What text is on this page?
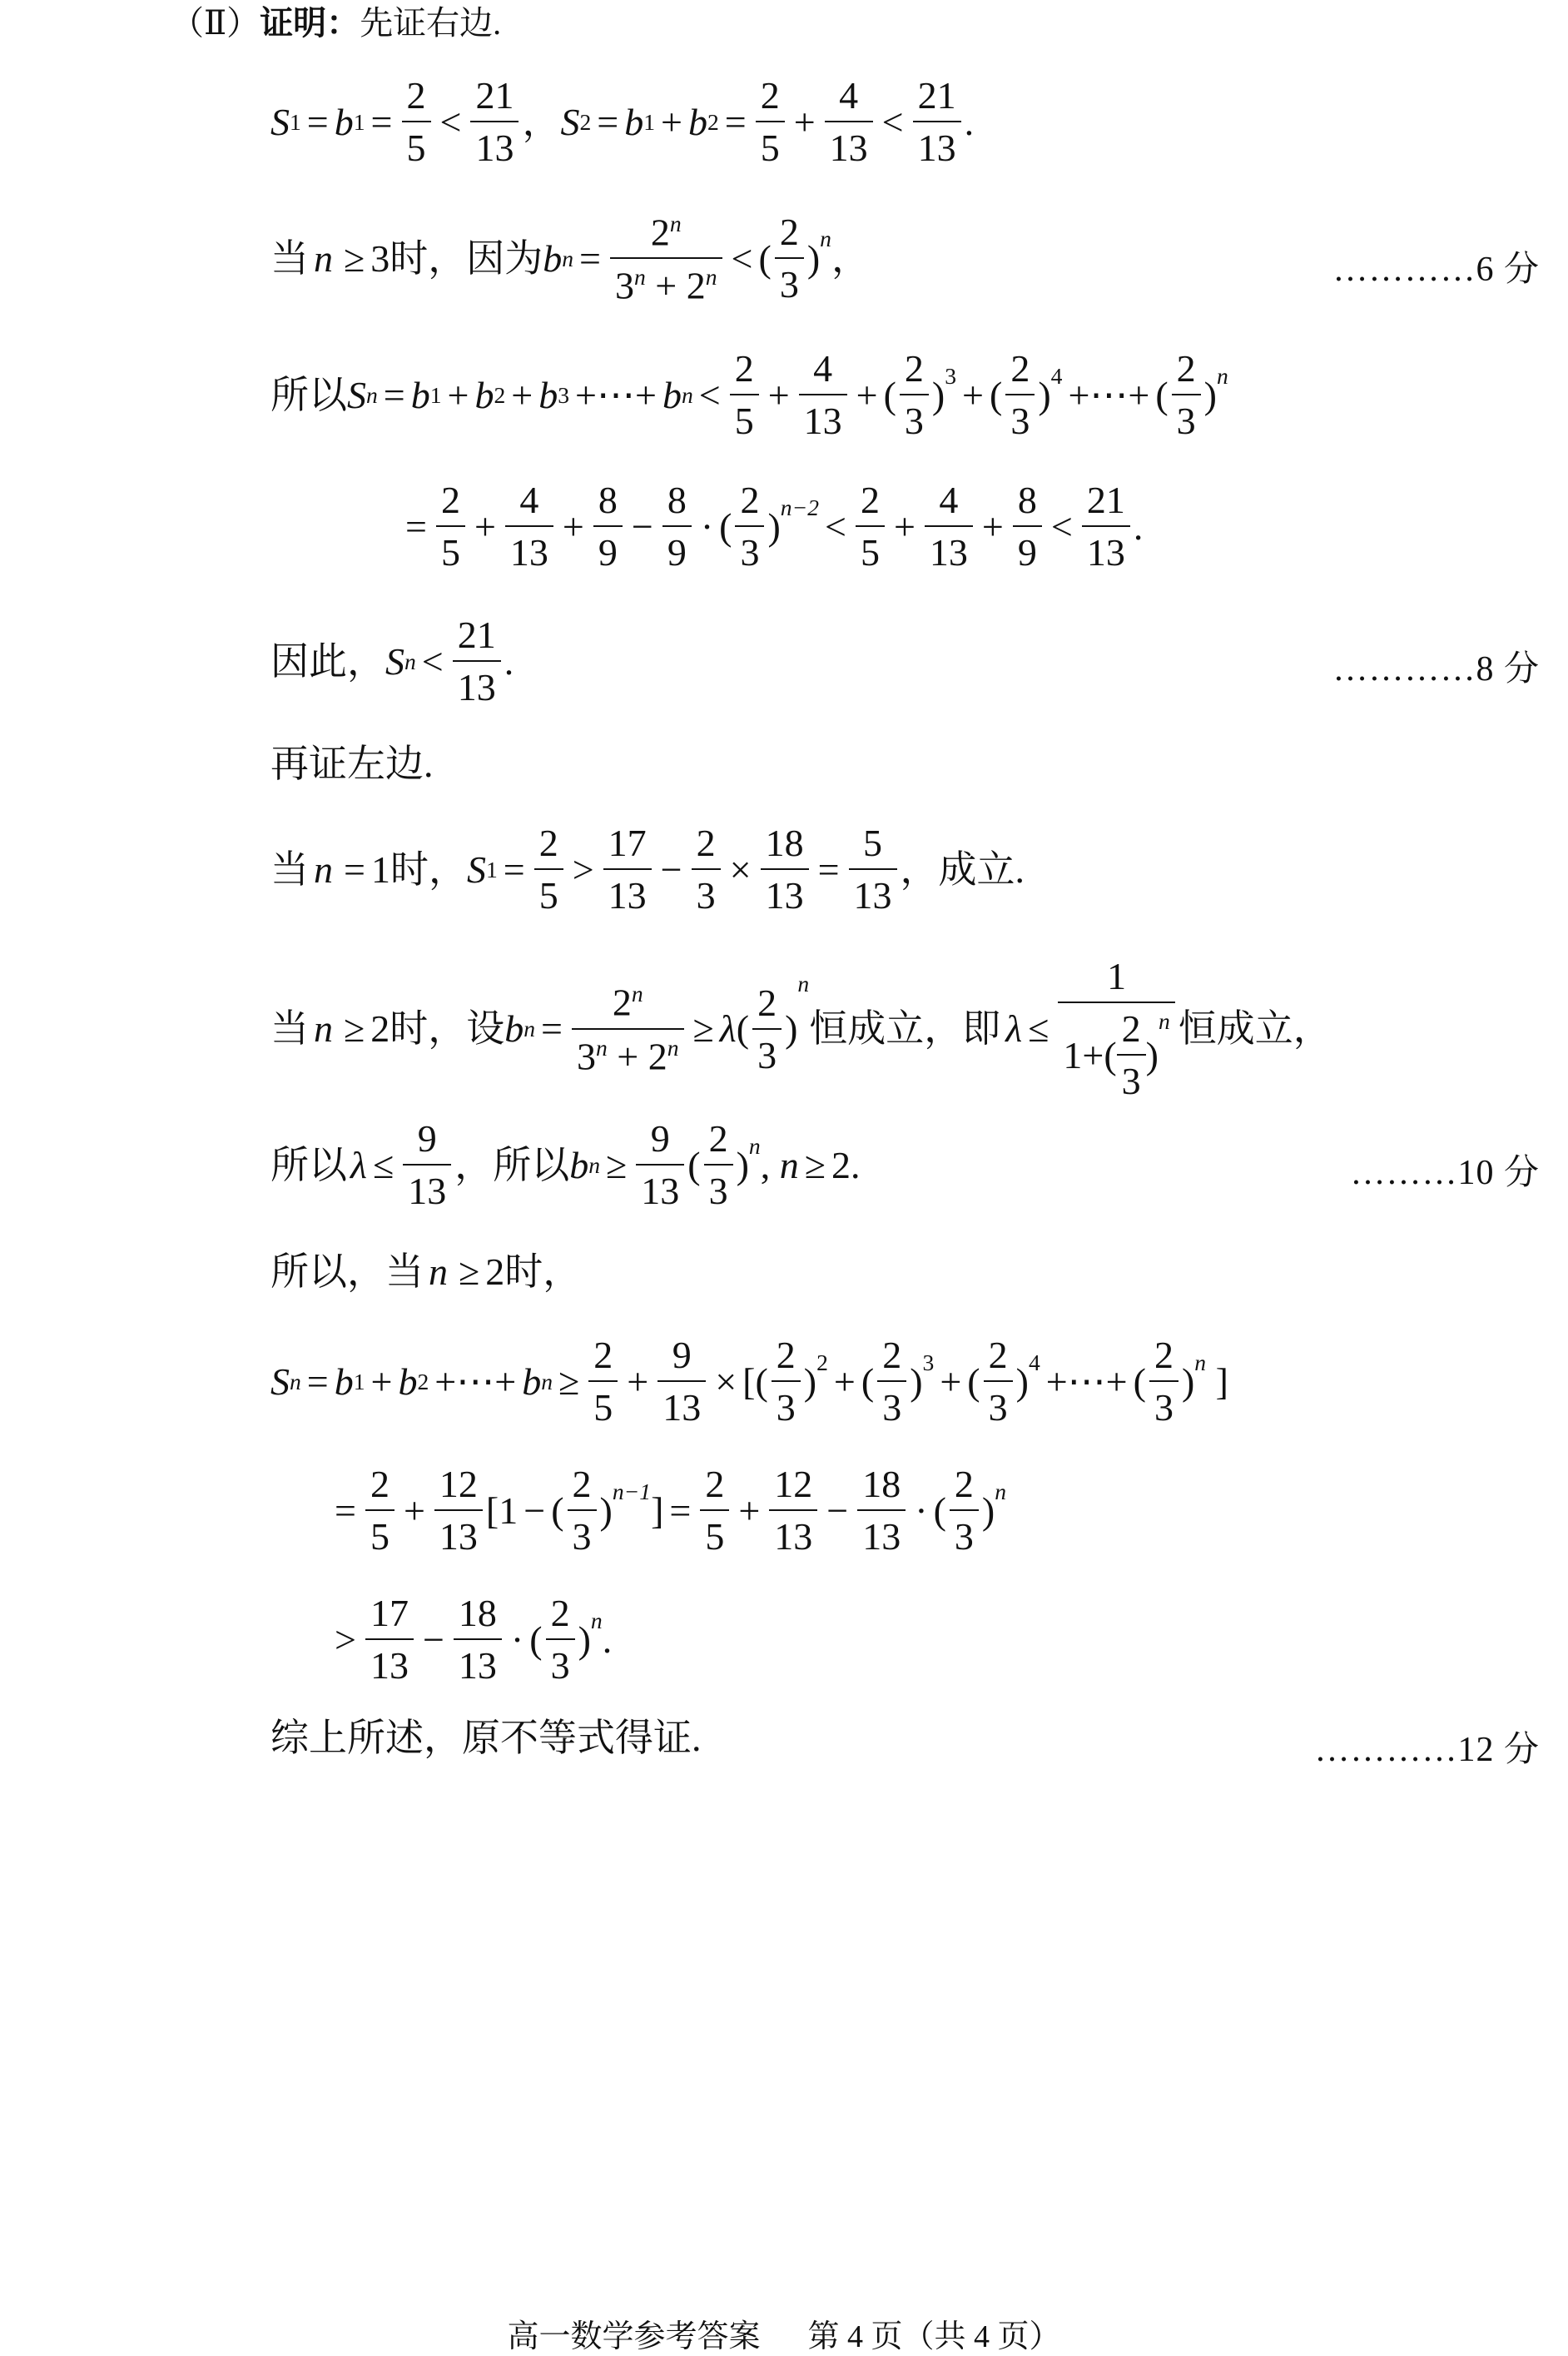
（Ⅱ） 证明： 先证右边.
S 1 = b $1 = \frac{2}{5} < \frac{21}{13}$ ， S 2 = b 1 + b $2 = \frac{2}{5} + \frac{4}{13} < \frac{21}{13}$ .
当 n ≥ 3 时，因为 b $n = \frac{2^n}{3^n + 2^n}$ < ( $\frac{2}{3} )^n$ ，	…………6 分
所以 S n = b 1 + b 2 + b 3 +⋯+ b $n < \frac{2}{5} + \frac{4}{13}$ + ( $\frac{2}{3} )^3$ + ( $\frac{2}{3} )^4$ +⋯+ ( $\frac{2}{3} )^n$
= $\frac{2}{5} + \frac{4}{13} + \frac{8}{9} - \frac{8}{9}$ · ( $\frac{2}{3} )^{n-2} < \frac{2}{5} + \frac{4}{13} + \frac{8}{9} < \frac{21}{13}$ .
因此， S $n < \frac{21}{13}$ .	…………8 分
再证左边.
当 n = 1 时， S $1 = \frac{2}{5} > \frac{17}{13} - \frac{2}{3} \times \frac{18}{13} = \frac{5}{13}$ ，成立.
当 n ≥ 2 时，设 b $n = \frac{2^n}{3^n + 2^n} \ge \lambda$ ( $\frac{2}{3}$ )
n
恒成立，即 λ ≤ 1
$1+( \frac{2}{3}$ )
$^n$ 恒成立，
所以 $\lambda \le \frac{9}{13}$ ，所以 b $n \ge \frac{9}{13}$ ( $\frac{2}{3} )^n$ , n ≥ 2.	………10 分
所以，当 n ≥ 2 时，
S n = b 1 + b 2 +⋯+ b $n \ge \frac{2}{5} + \frac{9}{13}$ × [ ( $\frac{2}{3} )^2$ + ( $\frac{2}{3} )^3$ + ( $\frac{2}{3} )^4$ +⋯+ ( $\frac{2}{3} )^n$ ]
= $\frac{2}{5} + \frac{12}{13} [1$ − ( $\frac{2}{3} )^{n-1}$ ] = $\frac{2}{5} + \frac{12}{13} - \frac{18}{13}$ · ( $\frac{2}{3} )^n$
> $\frac{17}{13} - \frac{18}{13}$ · ( $\frac{2}{3} )^n$ .
综上所述，原不等式得证.	…………12 分
高一数学参考答案 第 4 页（共 4 页）
